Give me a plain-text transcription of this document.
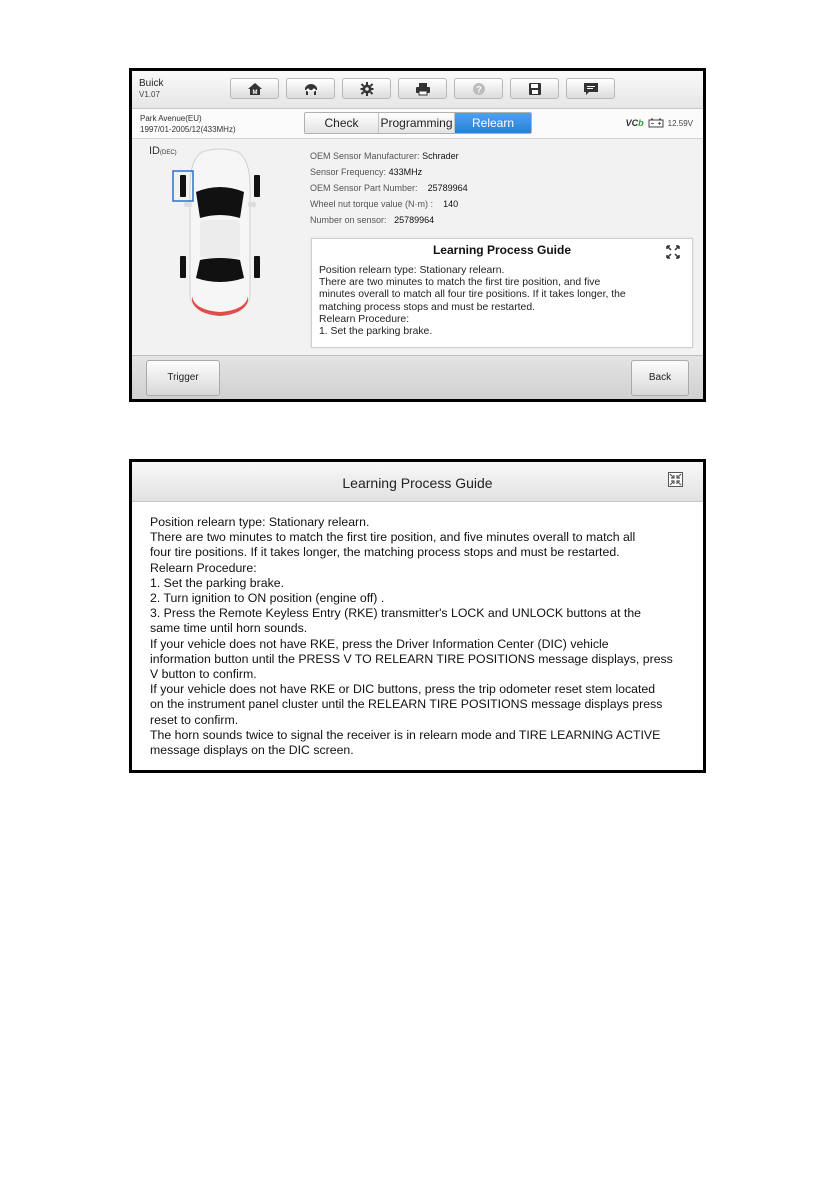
Buick
V1.07	M	?
Park Avenue(EU)
1997/01-2005/12(433MHz)	Check	Programming	Relearn	VCb	12.59V
ID(DEC)	OEM Sensor Manufacturer: Schrader
Sensor Frequency: 433MHz
OEM Sensor Part Number: 25789964
Wheel nut torque value (N·m) : 140
Number on sensor: 25789964
Learning Process Guide
Position relearn type: Stationary relearn.
There are two minutes to match the first tire position, and five
minutes overall to match all four tire positions. If it takes longer, the
matching process stops and must be restarted.
Relearn Procedure:
1. Set the parking brake.
Trigger	Back
Learning Process Guide
Position relearn type: Stationary relearn.
There are two minutes to match the first tire position, and five minutes overall to match all
four tire positions. If it takes longer, the matching process stops and must be restarted.
Relearn Procedure:
1. Set the parking brake.
2. Turn ignition to ON position (engine off) .
3. Press the Remote Keyless Entry (RKE) transmitter's LOCK and UNLOCK buttons at the
same time until horn sounds.
If your vehicle does not have RKE, press the Driver Information Center (DIC) vehicle
information button until the PRESS V TO RELEARN TIRE POSITIONS message displays, press
V button to confirm.
If your vehicle does not have RKE or DIC buttons, press the trip odometer reset stem located
on the instrument panel cluster until the RELEARN TIRE POSITIONS message displays press
reset to confirm.
The horn sounds twice to signal the receiver is in relearn mode and TIRE LEARNING ACTIVE
message displays on the DIC screen.
